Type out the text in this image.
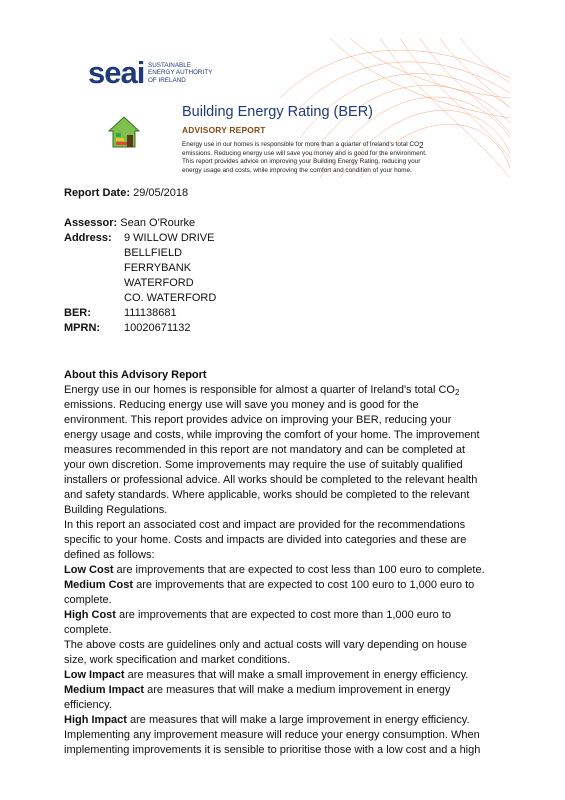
seai SUSTAINABLE
ENERGY AUTHORITY
OF IRELAND
Building Energy Rating (BER)
ADVISORY REPORT
Energy use in our homes is responsible for more than a quarter of Ireland's total $CO_2$
emissions. Reducing energy use will save you money and is good for the environment.
This report provides advice on improving your Building Energy Rating, reducing your
energy usage and costs, while improving the comfort and condition of your home.
Report Date: 29/05/2018
Assessor: Sean O'Rourke
Address: 9 WILLOW DRIVE
BELLFIELD
FERRYBANK
WATERFORD
CO. WATERFORD
BER:	111138681
MPRN: 10020671132
About this Advisory Report
Energy use in our homes is responsible for almost a quarter of Ireland's total $CO_2$
emissions. Reducing energy use will save you money and is good for the
environment. This report provides advice on improving your BER, reducing your
energy usage and costs, while improving the comfort of your home. The improvement
measures recommended in this report are not mandatory and can be completed at
your own discretion. Some improvements may require the use of suitably qualified
installers or professional advice. All works should be completed to the relevant health
and safety standards. Where applicable, works should be completed to the relevant
Building Regulations.
In this report an associated cost and impact are provided for the recommendations
specific to your home. Costs and impacts are divided into categories and these are
defined as follows:
Low Cost are improvements that are expected to cost less than 100 euro to complete.
Medium Cost are improvements that are expected to cost 100 euro to 1,000 euro to
complete.
High Cost are improvements that are expected to cost more than 1,000 euro to
complete.
The above costs are guidelines only and actual costs will vary depending on house
size, work specification and market conditions.
Low Impact are measures that will make a small improvement in energy efficiency.
Medium Impact are measures that will make a medium improvement in energy
efficiency.
High Impact are measures that will make a large improvement in energy efficiency.
Implementing any improvement measure will reduce your energy consumption. When
implementing improvements it is sensible to prioritise those with a low cost and a high
